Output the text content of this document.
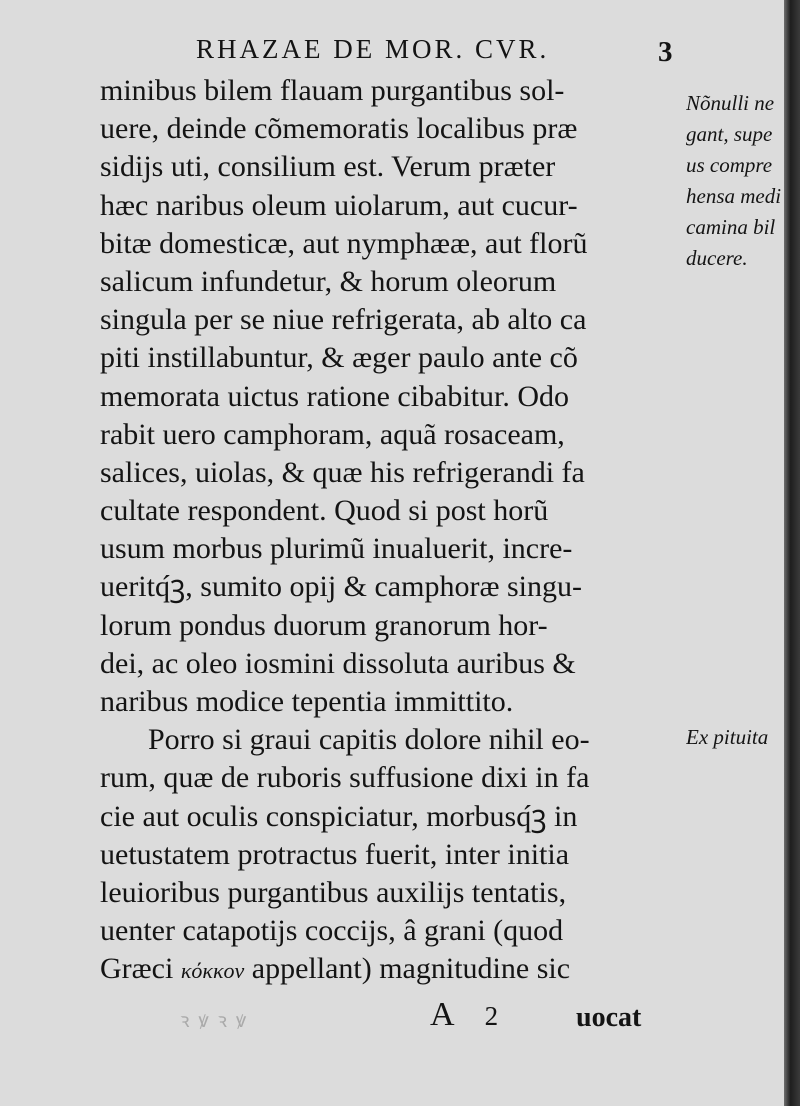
RHAZAE DE MOR. CVR.	3
minibus bilem flauam purgantibus sol-
uere, deinde cõmemoratis localibus præ
sidijs uti, consilium est. Verum præter
hæc naribus oleum uiolarum, aut cucur-
bitæ domesticæ, aut nymphææ, aut florũ
salicum infundetur, & horum oleorum
singula per se niue refrigerata, ab alto ca
piti instillabuntur, & æger paulo ante cõ
memorata uictus ratione cibabitur. Odo
rabit uero camphoram, aquã rosaceam,
salices, uiolas, & quæ his refrigerandi fa
cultate respondent. Quod si post horũ
usum morbus plurimũ inualuerit, incre-
ueritq́ꝫ, sumito opij & camphoræ singu-
lorum pondus duorum granorum hor-
dei, ac oleo iosmini dissoluta auribus &
naribus modice tepentia immittito.
Porro si graui capitis dolore nihil eo-
rum, quæ de ruboris suffusione dixi in fa
cie aut oculis conspiciatur, morbusq́ꝫ in
uetustatem protractus fuerit, inter initia
leuioribus purgantibus auxilijs tentatis,
uenter catapotijs coccijs, â grani (quod
Græci κόκκον appellant) magnitudine sic
Nõnulli ne
gant, supe
us compre
hensa medi
camina bil
ducere.
Ex pituita
ꝛ ꝟ ꝛ ꝟ	A 2	uocat
